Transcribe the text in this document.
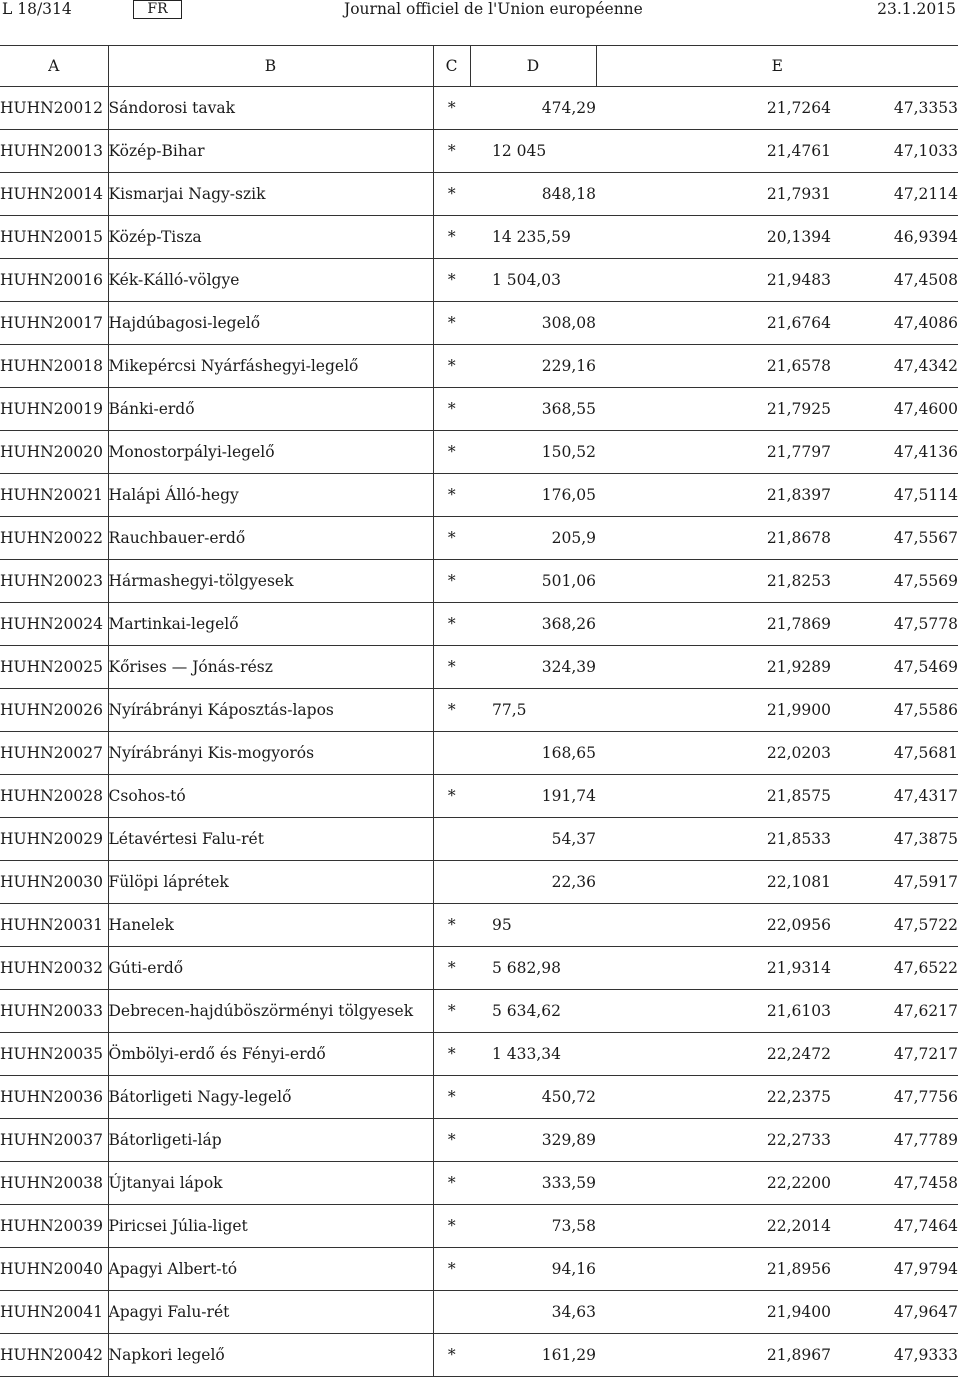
L 18/314	FR	Journal officiel de l'Union européenne	23.1.2015
A	B	C	D	E	
HUHN20012	Sándorosi tavak	*	474,29	21,7264	47,3353
HUHN20013	Közép-Bihar	*	12 045	21,4761	47,1033
HUHN20014	Kismarjai Nagy-szik	*	848,18	21,7931	47,2114
HUHN20015	Közép-Tisza	*	14 235,59	20,1394	46,9394
HUHN20016	Kék-Kálló-völgye	*	1 504,03	21,9483	47,4508
HUHN20017	Hajdúbagosi-legelő	*	308,08	21,6764	47,4086
HUHN20018	Mikepércsi Nyárfáshegyi-legelő	*	229,16	21,6578	47,4342
HUHN20019	Bánki-erdő	*	368,55	21,7925	47,4600
HUHN20020	Monostorpályi-legelő	*	150,52	21,7797	47,4136
HUHN20021	Halápi Álló-hegy	*	176,05	21,8397	47,5114
HUHN20022	Rauchbauer-erdő	*	205,9	21,8678	47,5567
HUHN20023	Hármashegyi-tölgyesek	*	501,06	21,8253	47,5569
HUHN20024	Martinkai-legelő	*	368,26	21,7869	47,5778
HUHN20025	Kőrises — Jónás-rész	*	324,39	21,9289	47,5469
HUHN20026	Nyírábrányi Káposztás-lapos	*	77,5	21,9900	47,5586
HUHN20027	Nyírábrányi Kis-mogyorós		168,65	22,0203	47,5681
HUHN20028	Csohos-tó	*	191,74	21,8575	47,4317
HUHN20029	Létavértesi Falu-rét		54,37	21,8533	47,3875
HUHN20030	Fülöpi láprétek		22,36	22,1081	47,5917
HUHN20031	Hanelek	*	95	22,0956	47,5722
HUHN20032	Gúti-erdő	*	5 682,98	21,9314	47,6522
HUHN20033	Debrecen-hajdúböszörményi tölgyesek	*	5 634,62	21,6103	47,6217
HUHN20035	Ömbölyi-erdő és Fényi-erdő	*	1 433,34	22,2472	47,7217
HUHN20036	Bátorligeti Nagy-legelő	*	450,72	22,2375	47,7756
HUHN20037	Bátorligeti-láp	*	329,89	22,2733	47,7789
HUHN20038	Újtanyai lápok	*	333,59	22,2200	47,7458
HUHN20039	Piricsei Júlia-liget	*	73,58	22,2014	47,7464
HUHN20040	Apagyi Albert-tó	*	94,16	21,8956	47,9794
HUHN20041	Apagyi Falu-rét		34,63	21,9400	47,9647
HUHN20042	Napkori legelő	*	161,29	21,8967	47,9333
